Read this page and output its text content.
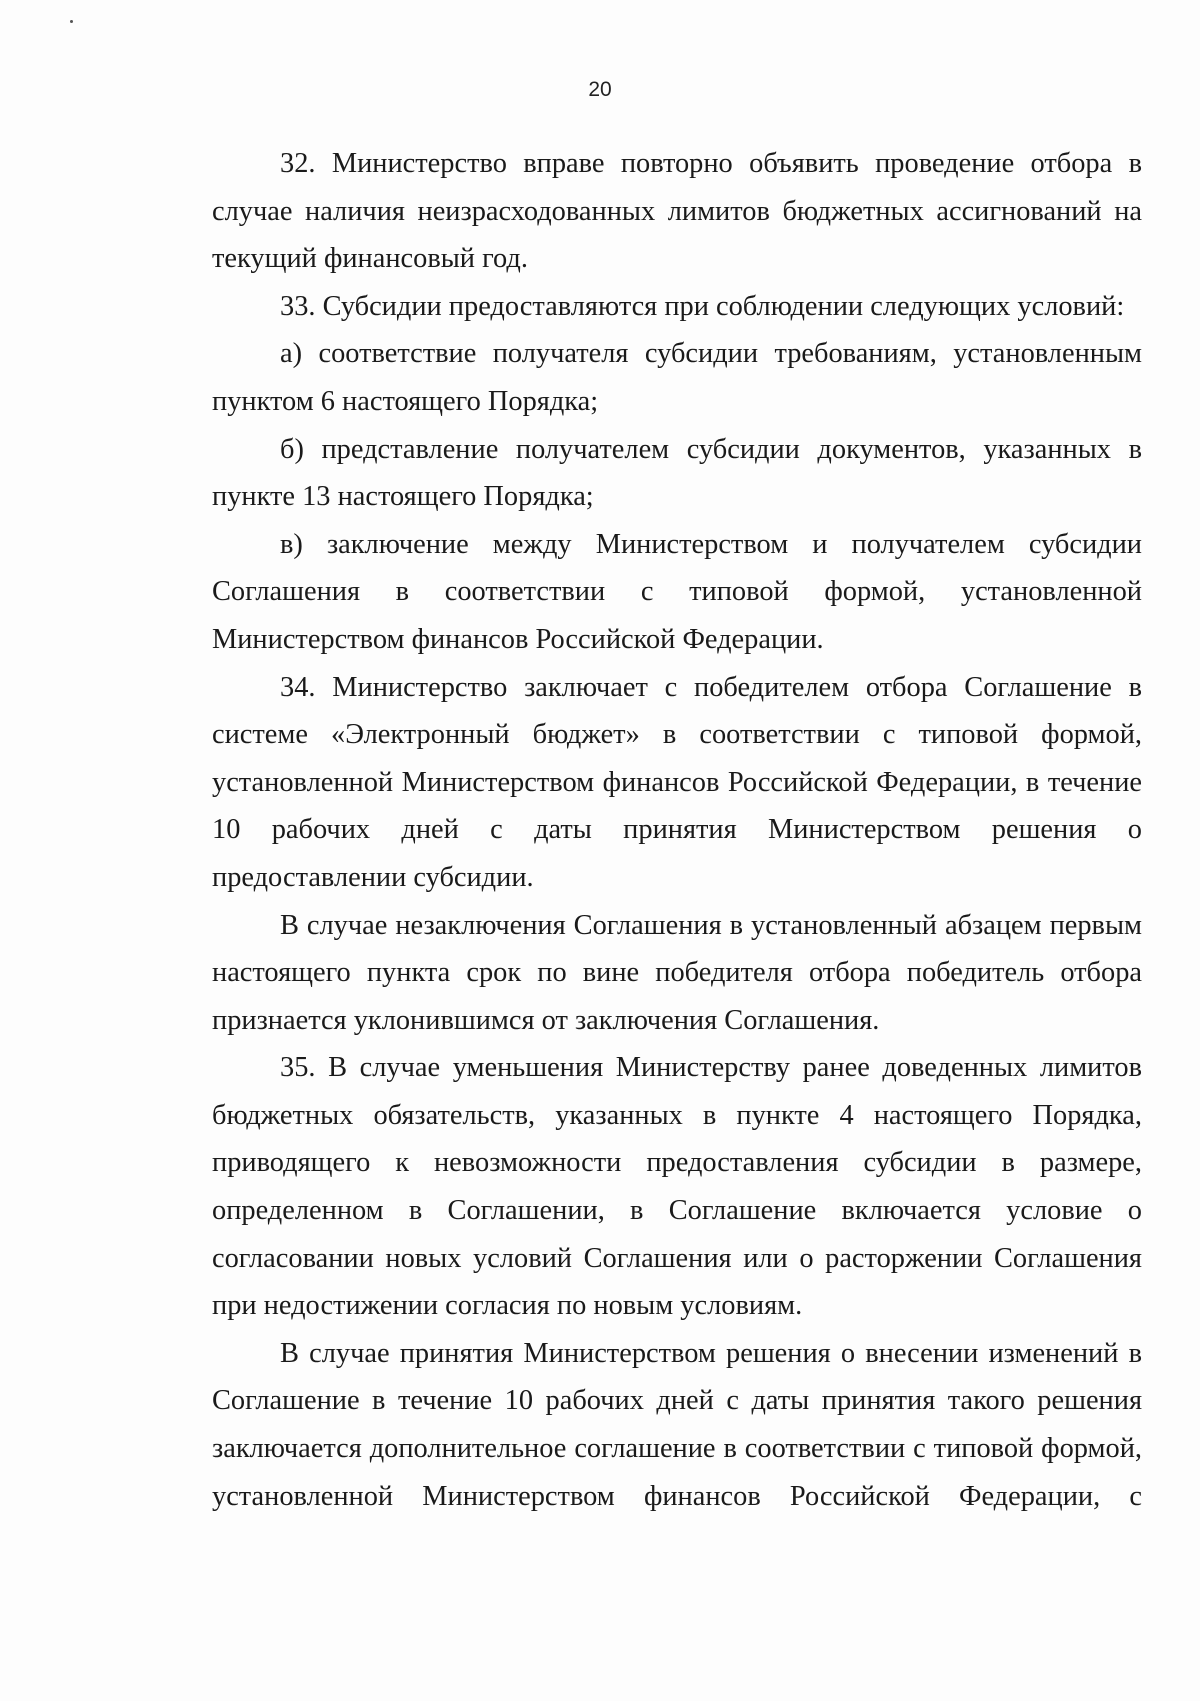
20

32. Министерство вправе повторно объявить проведение отбора в случае наличия неизрасходованных лимитов бюджетных ассигнований на текущий финансовый год.

33. Субсидии предоставляются при соблюдении следующих условий:

а) соответствие получателя субсидии требованиям, установленным пунктом 6 настоящего Порядка;

б) представление получателем субсидии документов, указанных в пункте 13 настоящего Порядка;

в) заключение между Министерством и получателем субсидии Соглашения в соответствии с типовой формой, установленной Министерством финансов Российской Федерации.

34. Министерство заключает с победителем отбора Соглашение в системе «Электронный бюджет» в соответствии с типовой формой, установленной Министерством финансов Российской Федерации, в течение 10 рабочих дней с даты принятия Министерством решения о предоставлении субсидии.

В случае незаключения Соглашения в установленный абзацем первым настоящего пункта срок по вине победителя отбора победитель отбора признается уклонившимся от заключения Соглашения.

35. В случае уменьшения Министерству ранее доведенных лимитов бюджетных обязательств, указанных в пункте 4 настоящего Порядка, приводящего к невозможности предоставления субсидии в размере, определенном в Соглашении, в Соглашение включается условие о согласовании новых условий Соглашения или о расторжении Соглашения при недостижении согласия по новым условиям.

В случае принятия Министерством решения о внесении изменений в Соглашение в течение 10 рабочих дней с даты принятия такого решения заключается дополнительное соглашение в соответствии с типовой формой, установленной Министерством финансов Российской Федерации, с
